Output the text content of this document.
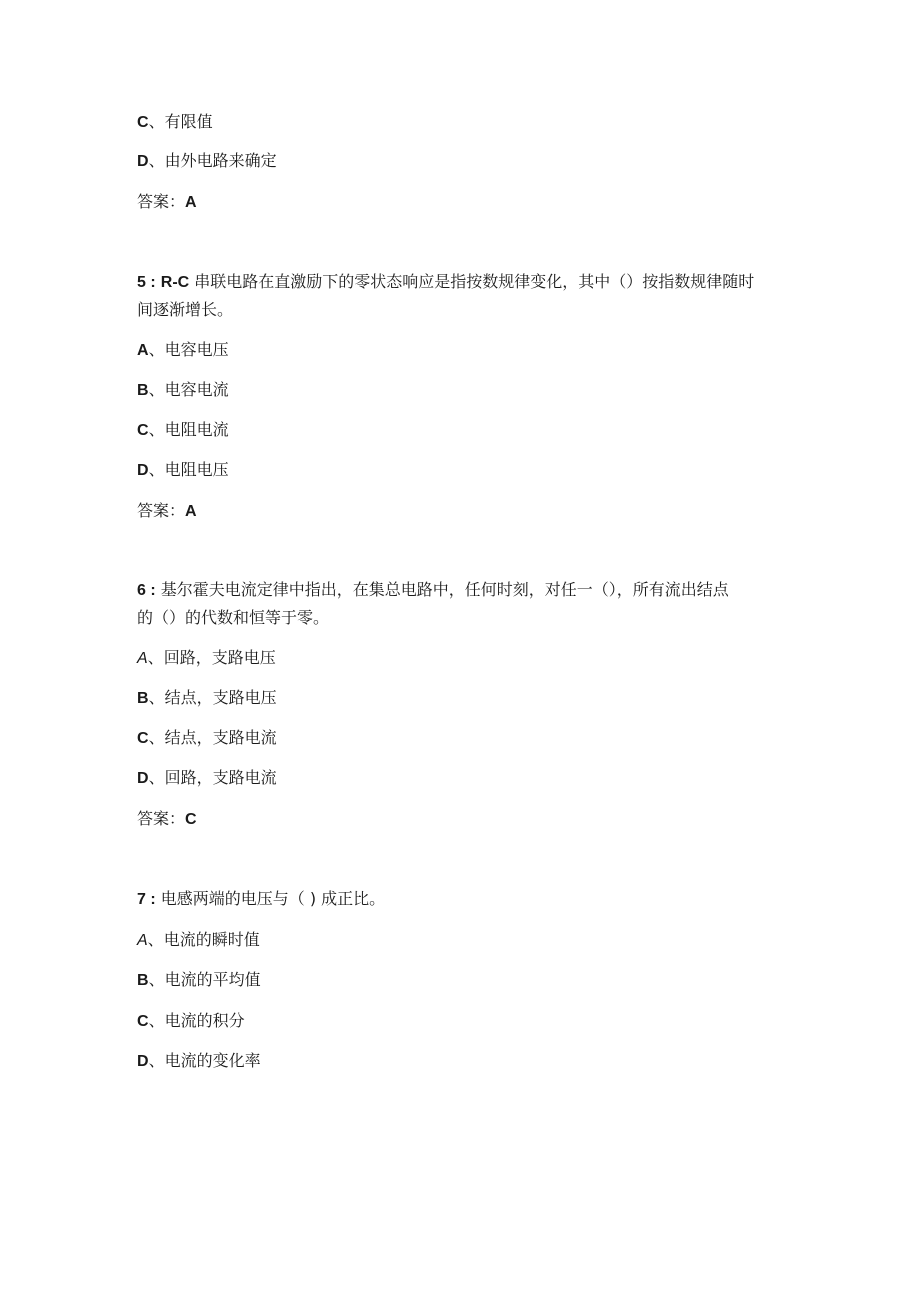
C、有限值
D、由外电路来确定
答案：A
5 : R-C 串联电路在直激励下的零状态响应是指按数规律变化，其中（）按指数规律随时
间逐渐增长。
A、电容电压
B、电容电流
C、电阻电流
D、电阻电压
答案：A
6 : 基尔霍夫电流定律中指出，在集总电路中，任何时刻，对任一（），所有流出结点
的（）的代数和恒等于零。
A、回路，支路电压
B、结点，支路电压
C、结点，支路电流
D、回路，支路电流
答案：C
7 : 电感两端的电压与（ ) 成正比。
A、电流的瞬时值
B、电流的平均值
C、电流的积分
D、电流的变化率
